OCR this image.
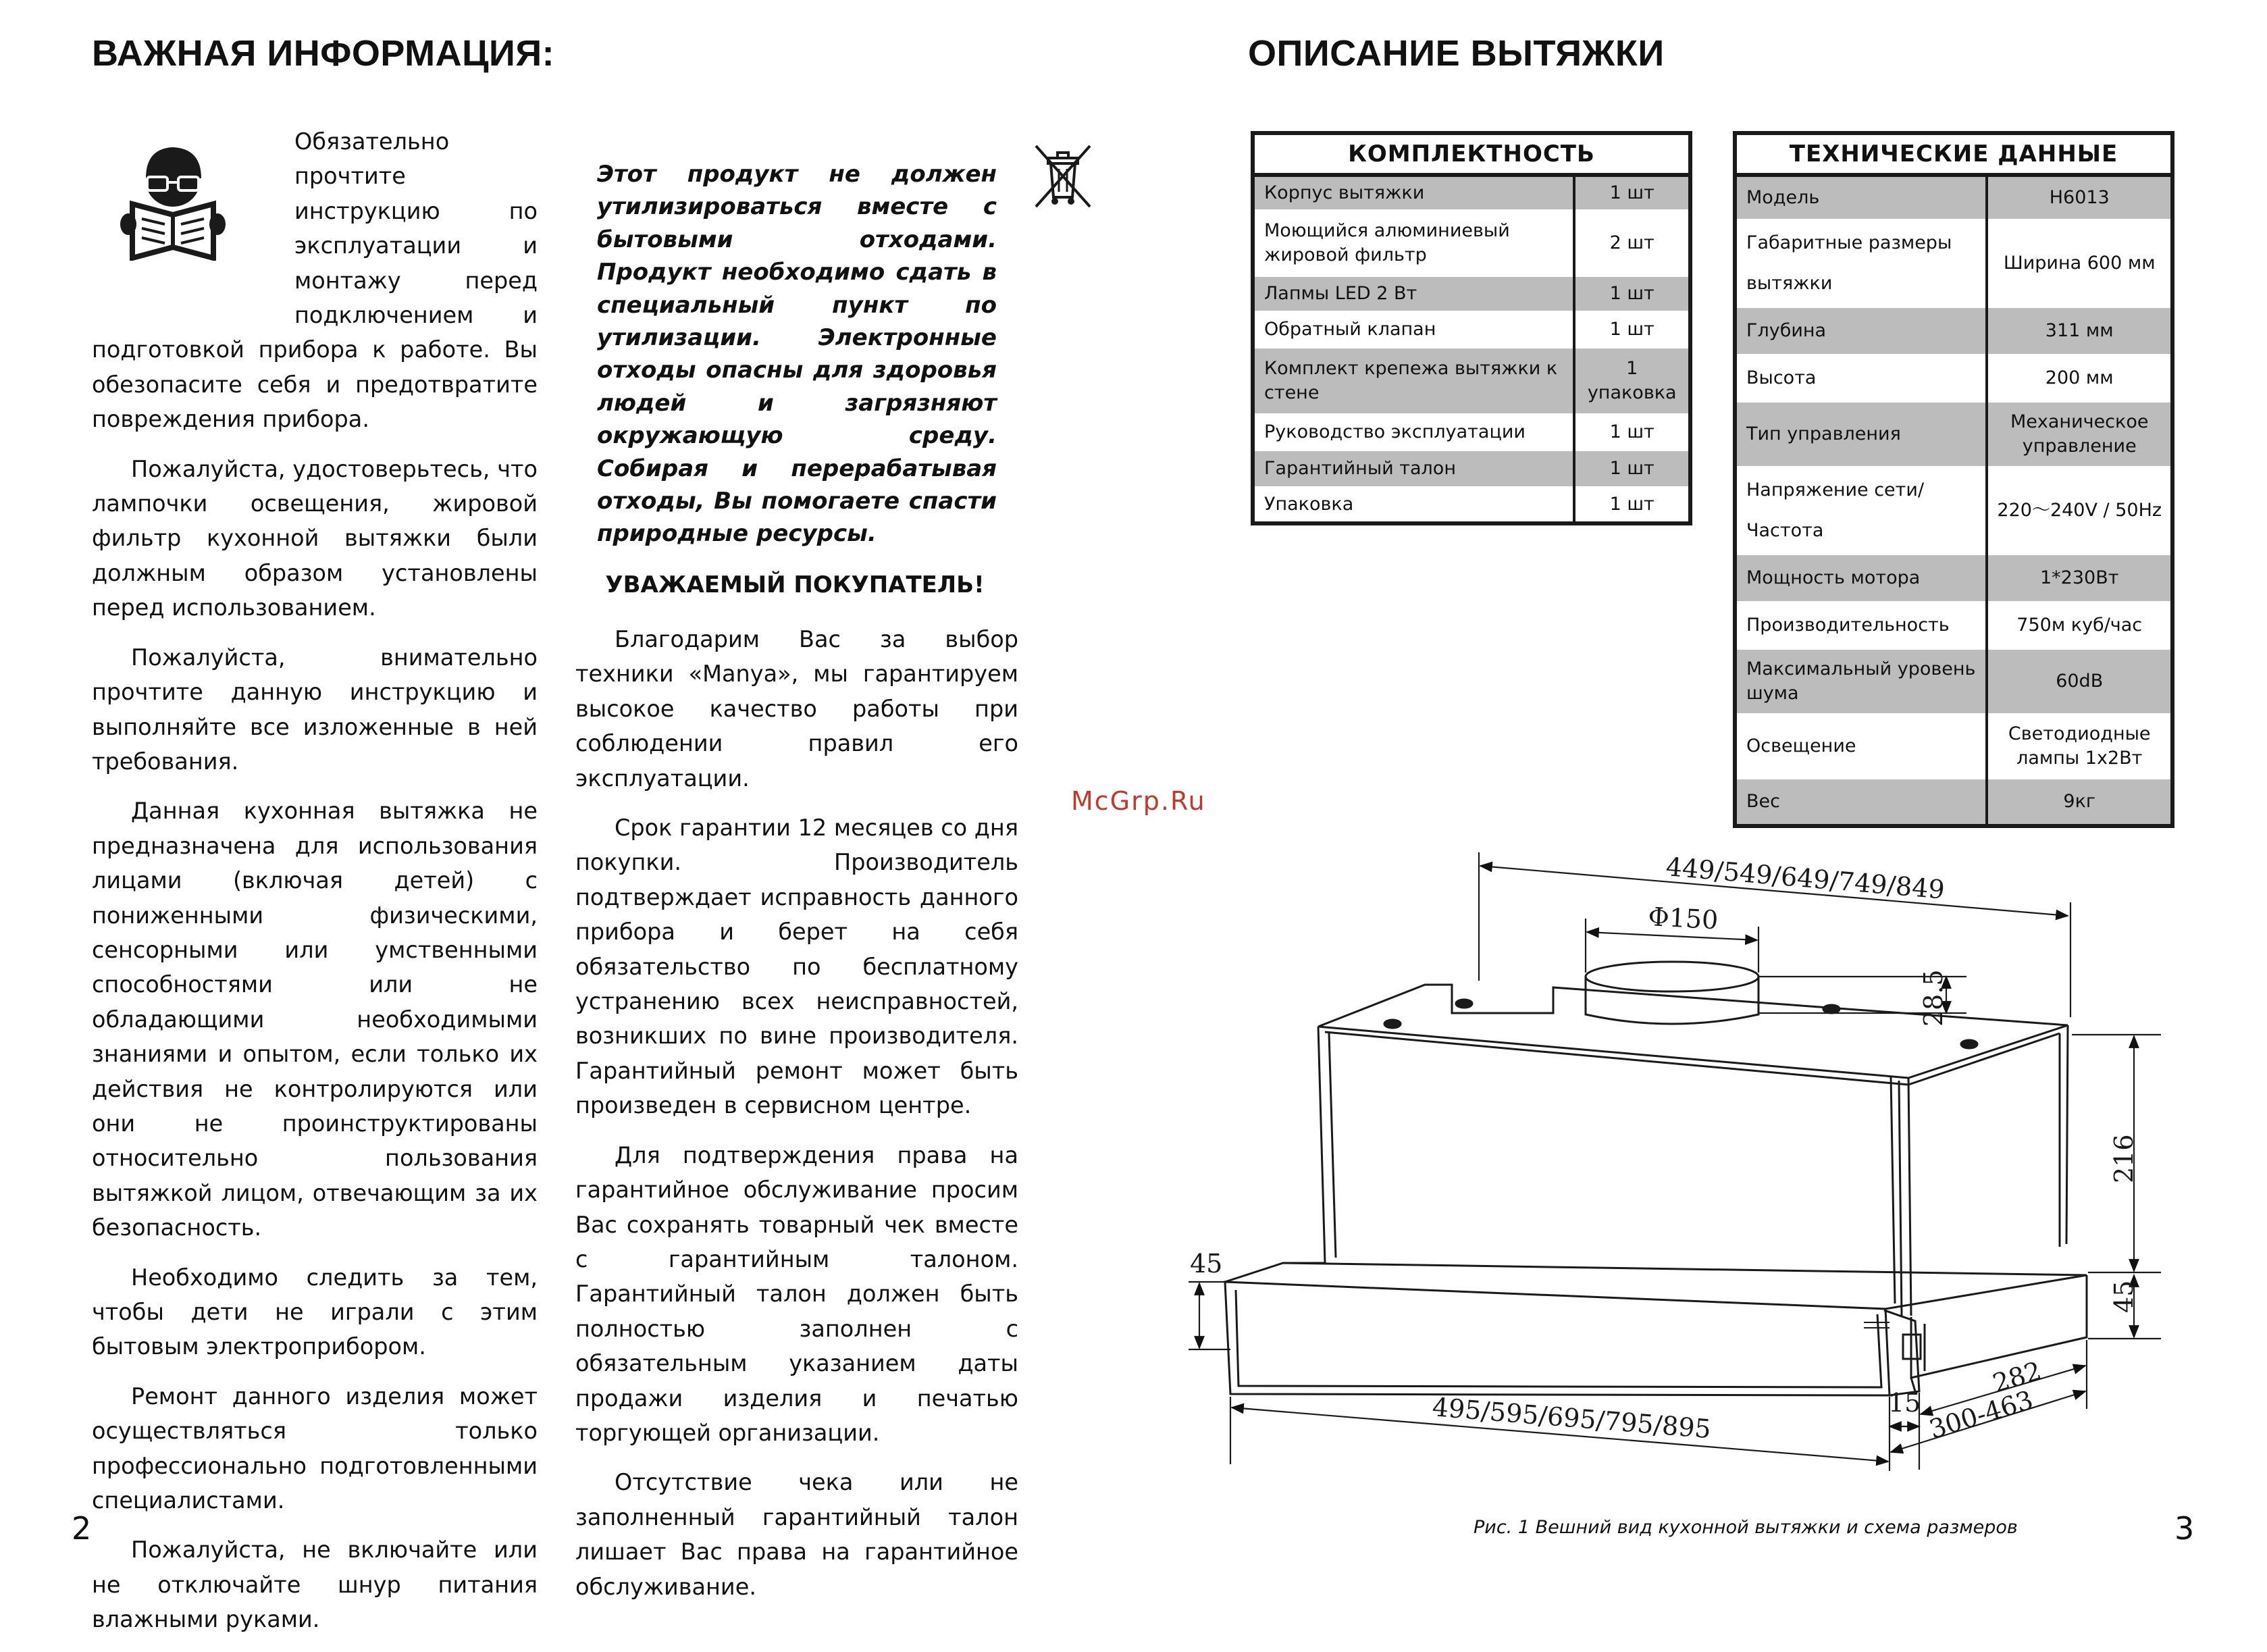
ВАЖНАЯ ИНФОРМАЦИЯ:

Обязательно прочтите инструкцию по эксплуатации и монтажу перед подключением и подготовкой прибора к работе. Вы обезопасите себя и предотвратите повреждения прибора.

Пожалуйста, удостоверьтесь, что лампочки освещения, жировой фильтр кухонной вытяжки были должным образом установлены перед использованием.

Пожалуйста, внимательно прочтите данную инструкцию и выполняйте все изложенные в ней требования.

Данная кухонная вытяжка не предназначена для использования лицами (включая детей) с пониженными физическими, сенсорными или умственными способностями или не обладающими необходимыми знаниями и опытом, если только их действия не контролируются или они не проинструктированы относительно пользования вытяжкой лицом, отвечающим за их безопасность.

Необходимо следить за тем, чтобы дети не играли с этим бытовым электроприбором.

Ремонт данного изделия может осуществляться только профессионально подготовленными специалистами.

Пожалуйста, не включайте или не отключайте шнур питания влажными руками.

2
Этот продукт не должен утилизироваться вместе с бытовыми отходами. Продукт необходимо сдать в специальный пункт по утилизации. Электронные отходы опасны для здоровья людей и загрязняют окружающую среду. Собирая и перерабатывая отходы, Вы помогаете спасти природные ресурсы.
УВАЖАЕМЫЙ ПОКУПАТЕЛЬ!

Благодарим Вас за выбор техники «Manya», мы гарантируем высокое качество работы при соблюдении правил его эксплуатации.

Срок гарантии 12 месяцев со дня покупки. Производитель подтверждает исправность данного прибора и берет на себя обязательство по бесплатному устранению всех неисправностей, возникших по вине производителя. Гарантийный ремонт может быть произведен в сервисном центре.

Для подтверждения права на гарантийное обслуживание просим Вас сохранять товарный чек вместе с гарантийным талоном. Гарантийный талон должен быть полностью заполнен с обязательным указанием даты продажи изделия и печатью торгующей организации.

Отсутствие чека или не заполненный гарантийный талон лишает Вас права на гарантийное обслуживание.

McGrp.Ru
ОПИСАНИЕ ВЫТЯЖКИ
КОМПЛЕКТНОСТЬ	
Корпус вытяжки	1 шт
Моющийся алюминиевый жировой фильтр	2 шт
Лапмы LED 2 Вт	1 шт
Обратный клапан	1 шт
Комплект крепежа вытяжки к стене	1 упаковка
Руководство эксплуатации	1 шт
Гарантийный талон	1 шт
Упаковка	1 шт
ТЕХНИЧЕСКИЕ ДАННЫЕ	
Модель	H6013
Габаритные размеры вытяжки	Ширина 600 мм
Глубина	311 мм
Высота	200 мм
Тип управления	Механическое управление
Напряжение сети/ Частота	220〜240V / 50Hz
Мощность мотора	1*230Вт
Производительность	750м куб/час
Максимальный уровень шума	60dB
Освещение	Светодиодные лампы 1x2Вт
Вес	9кг
449/549/649/749/849
Φ150
28.5
216
45
45
495/595/695/795/895
282
300-463
15
Рис. 1 Вешний вид кухонной вытяжки и схема размеров	3
